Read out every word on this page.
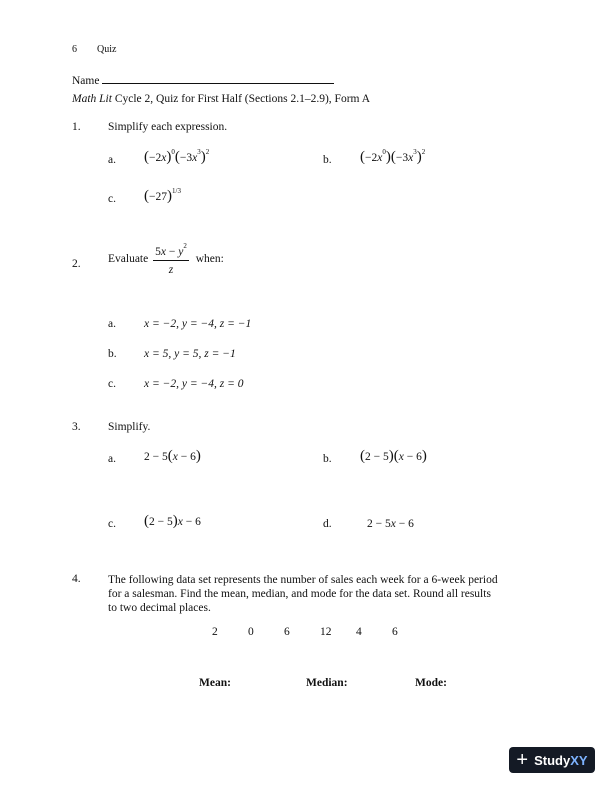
6 Quiz
Name
Math Lit Cycle 2, Quiz for First Half (Sections 2.1–2.9), Form A
1. Simplify each expression.
a. $(-2x)^0(-3x^3)^2$
b. $(-2x^0)(-3x^3)^2$
c. $(-27)^{1/3}$
2. Evaluate $\frac{5x - y^2}{z}$ when:
a. x = −2, y = −4, z = −1
b. x = 5, y = 5, z = −1
c. x = −2, y = −4, z = 0
3. Simplify.
a. 2 − 5(x − 6)	b. (2 − 5)(x − 6)
c. (2 − 5)x − 6	d.	2 − 5x − 6
4. The following data set represents the number of sales each week for a 6-week period
for a salesman. Find the mean, median, and mode for the data set. Round all results
to two decimal places.
2	0	6	12 4	6
Mean:	Median:	Mode:
+ Study XY
